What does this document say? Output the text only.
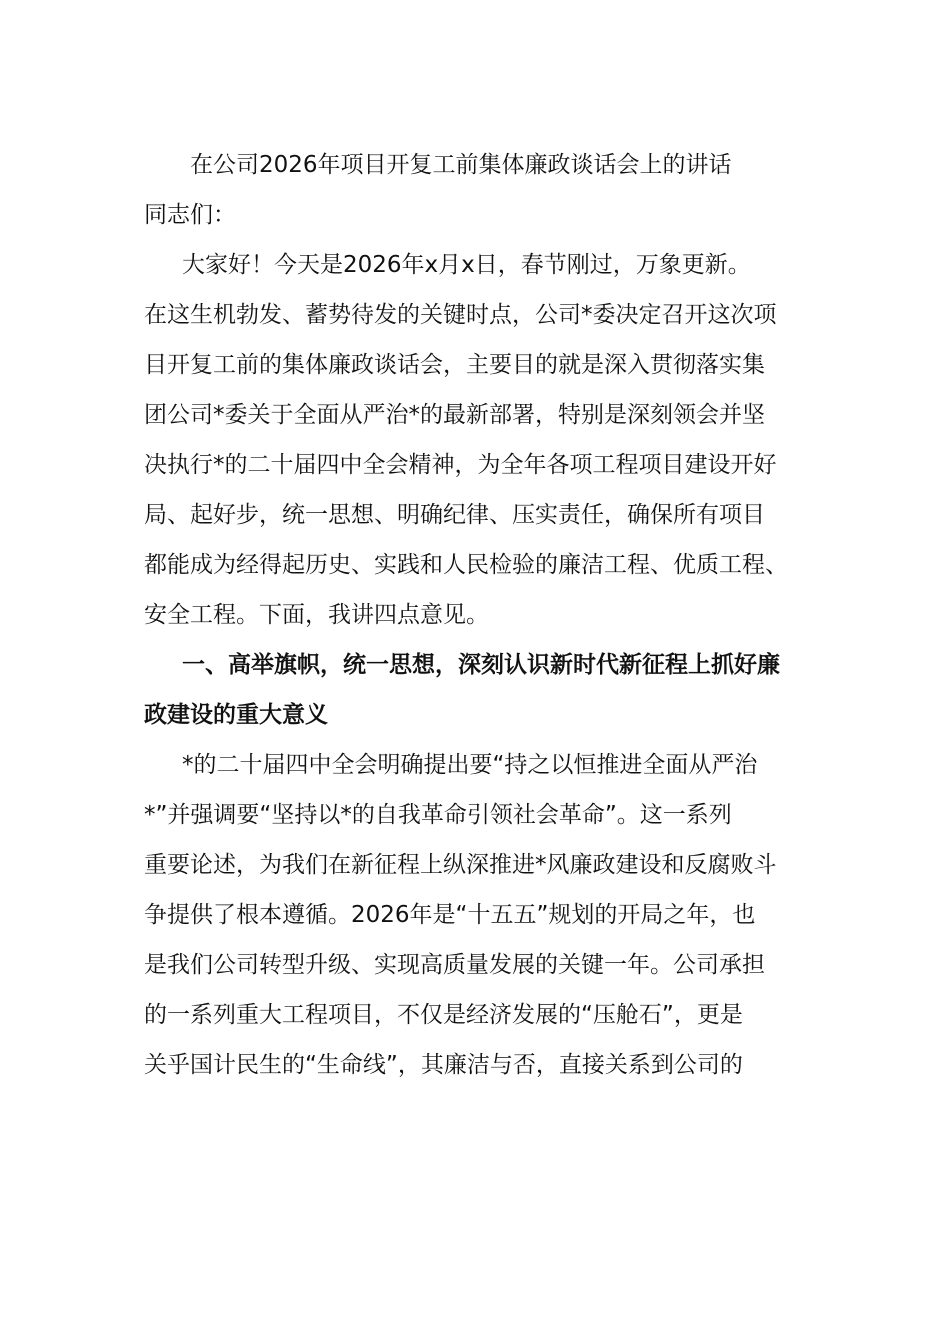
在公司2026年项目开复工前集体廉政谈话会上的讲话

同志们：

大家好！今天是2026年x月x日，春节刚过，万象更新。
在这生机勃发、蓄势待发的关键时点，公司*委决定召开这次项
目开复工前的集体廉政谈话会，主要目的就是深入贯彻落实集
团公司*委关于全面从严治*的最新部署，特别是深刻领会并坚
决执行*的二十届四中全会精神，为全年各项工程项目建设开好
局、起好步，统一思想、明确纪律、压实责任，确保所有项目
都能成为经得起历史、实践和人民检验的廉洁工程、优质工程、
安全工程。下面，我讲四点意见。
一、高举旗帜，统一思想，深刻认识新时代新征程上抓好廉
政建设的重大意义
*的二十届四中全会明确提出要“持之以恒推进全面从严治
*”并强调要“坚持以*的自我革命引领社会革命”。这一系列
重要论述，为我们在新征程上纵深推进*风廉政建设和反腐败斗
争提供了根本遵循。2026年是“十五五”规划的开局之年，也
是我们公司转型升级、实现高质量发展的关键一年。公司承担
的一系列重大工程项目，不仅是经济发展的“压舱石”，更是
关乎国计民生的“生命线”，其廉洁与否，直接关系到公司的
